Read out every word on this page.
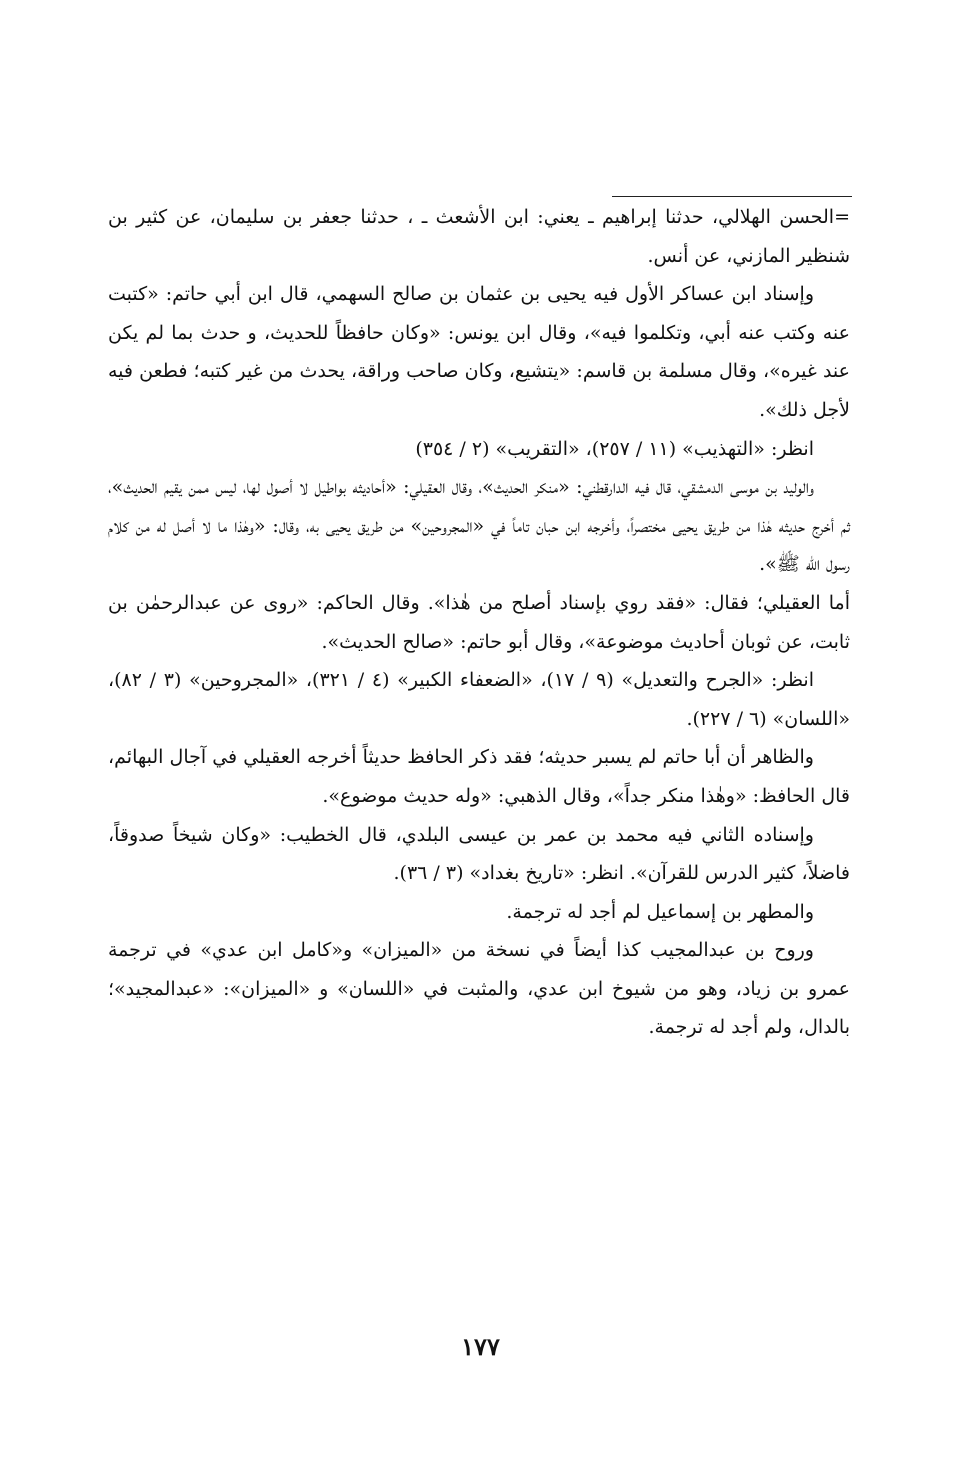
=الحسن الهلالي، حدثنا إبراهيم ـ يعني: ابن الأشعث ـ ، حدثنا جعفر بن سليمان، عن كثير بن شنظير المازني، عن أنس.

وإسناد ابن عساكر الأول فيه يحيى بن عثمان بن صالح السهمي، قال ابن أبي حاتم: «كتبت عنه وكتب عنه أبي، وتكلموا فيه»، وقال ابن يونس: «وكان حافظاً للحديث، و حدث بما لم يكن عند غيره»، وقال مسلمة بن قاسم: «يتشيع، وكان صاحب وراقة، يحدث من غير كتبه؛ فطعن فيه لأجل ذلك».

انظر: «التهذيب» (١١ / ٢٥٧)، «التقريب» (٢ / ٣٥٤)

والوليد بن موسى الدمشقي، قال فيه الدارقطني: «منكر الحديث»، وقال العقيلي: «أحاديثه بواطيل لا أصول لها، ليس ممن يقيم الحديث»، ثم أخرج حديثه هٰذا من طريق يحيى مختصراً، وأخرجه ابن حبان تاماً في «المجروحين» من طريق يحيى به، وقال: «وهٰذا ما لا أصل له من كلام رسول الله ﷺ».

أما العقيلي؛ فقال: «فقد روي بإسناد أصلح من هٰذا». وقال الحاكم: «روى عن عبدالرحمٰن بن ثابت، عن ثوبان أحاديث موضوعة»، وقال أبو حاتم: «صالح الحديث».

انظر: «الجرح والتعديل» (٩ / ١٧)، «الضعفاء الكبير» (٤ / ٣٢١)، «المجروحين» (٣ / ٨٢)، «اللسان» (٦ / ٢٢٧).

والظاهر أن أبا حاتم لم يسبر حديثه؛ فقد ذكر الحافظ حديثاً أخرجه العقيلي في آجال البهائم، قال الحافظ: «وهٰذا منكر جداً»، وقال الذهبي: «وله حديث موضوع».

وإسناده الثاني فيه محمد بن عمر بن عيسى البلدي، قال الخطيب: «وكان شيخاً صدوقاً، فاضلاً، كثير الدرس للقرآن». انظر: «تاريخ بغداد» (٣ / ٣٦).

والمطهر بن إسماعيل لم أجد له ترجمة.

وروح بن عبدالمجيب كذا أيضاً في نسخة من «الميزان» و«كامل ابن عدي» في ترجمة عمرو بن زياد، وهو من شيوخ ابن عدي، والمثبت في «اللسان» و «الميزان»: «عبدالمجيد»؛ بالدال، ولم أجد له ترجمة.

١٧٧
